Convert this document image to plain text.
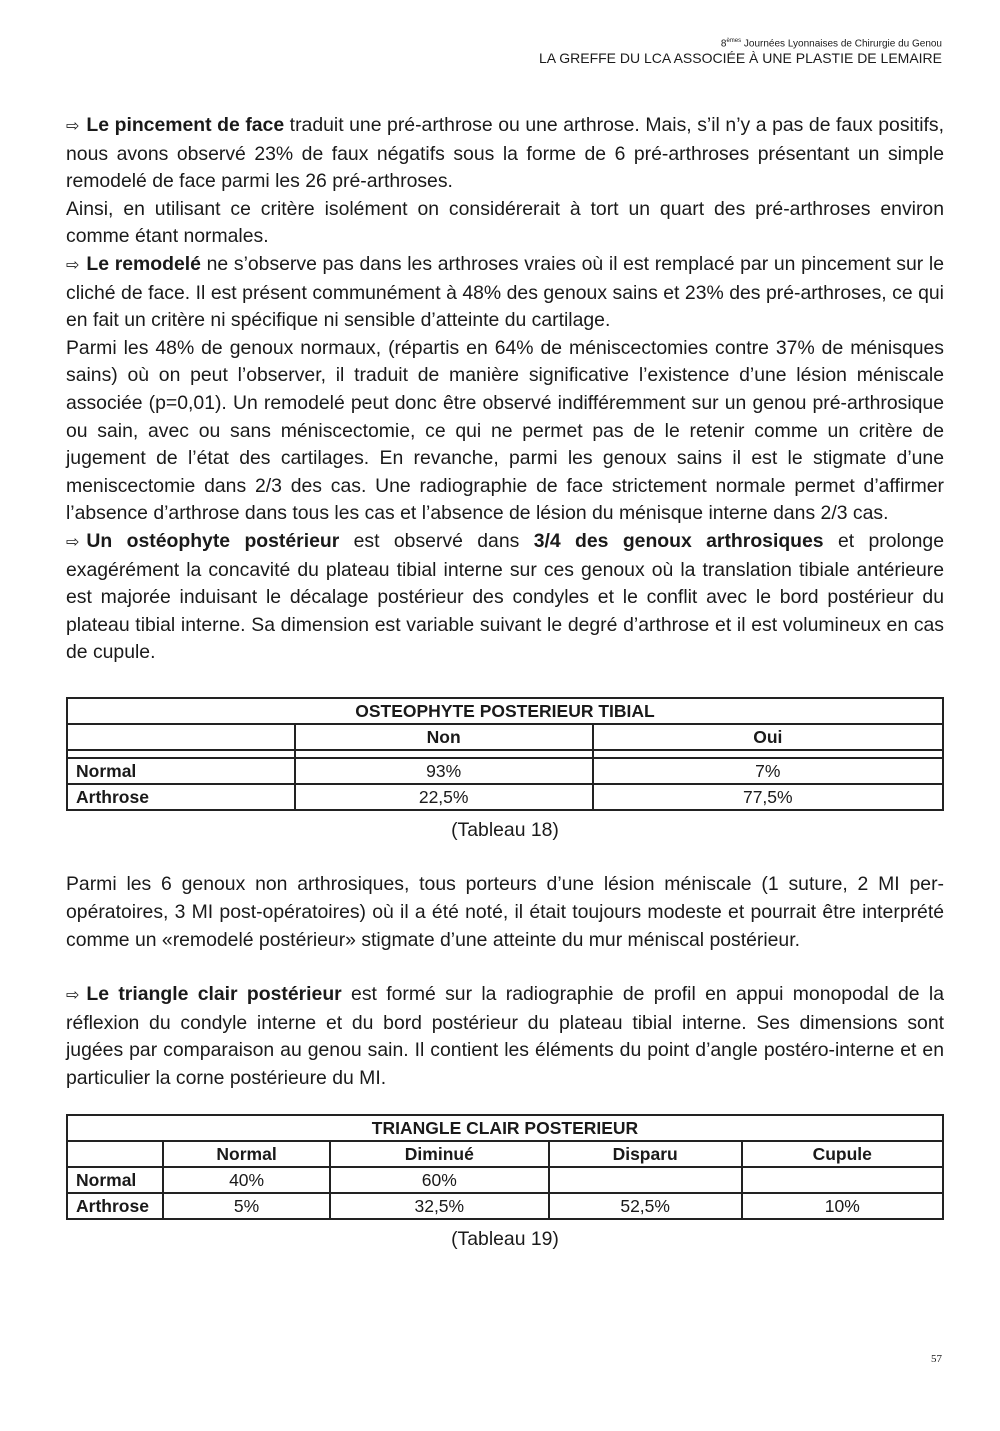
8èmes Journées Lyonnaises de Chirurgie du Genou
LA GREFFE DU LCA ASSOCIÉE À UNE PLASTIE DE LEMAIRE

⇨ Le pincement de face traduit une pré-arthrose ou une arthrose. Mais, s’il n’y a pas de faux positifs, nous avons observé 23% de faux négatifs sous la forme de 6 pré-arthroses présentant un simple remodelé de face parmi les 26 pré-arthroses.

Ainsi, en utilisant ce critère isolément on considérerait à tort un quart des pré-arthroses environ comme étant normales.

⇨ Le remodelé ne s’observe pas dans les arthroses vraies où il est remplacé par un pincement sur le cliché de face. Il est présent communément à 48% des genoux sains et 23% des pré-arthroses, ce qui en fait un critère ni spécifique ni sensible d’atteinte du cartilage.

Parmi les 48% de genoux normaux, (répartis en 64% de méniscectomies contre 37% de ménisques sains) où on peut l’observer, il traduit de manière significative l’existence d’une lésion méniscale associée (p=0,01). Un remodelé peut donc être observé indifféremment sur un genou pré-arthrosique ou sain, avec ou sans méniscectomie, ce qui ne permet pas de le retenir comme un critère de jugement de l’état des cartilages. En revanche, parmi les genoux sains il est le stigmate d’une meniscectomie dans 2/3 des cas. Une radiographie de face strictement normale permet d’affirmer l’absence d’arthrose dans tous les cas et l’absence de lésion du ménisque interne dans 2/3 cas.

⇨ Un ostéophyte postérieur est observé dans 3/4 des genoux arthrosiques et prolonge exagérément la concavité du plateau tibial interne sur ces genoux où la translation tibiale antérieure est majorée induisant le décalage postérieur des condyles et le conflit avec le bord postérieur du plateau tibial interne. Sa dimension est variable suivant le degré d’arthrose et il est volumineux en cas de cupule.

OSTEOPHYTE POSTERIEUR TIBIAL		
	Non	Oui

Normal	93%	7%
Arthrose	22,5%	77,5%
(Tableau 18)

Parmi les 6 genoux non arthrosiques, tous porteurs d’une lésion méniscale (1 suture, 2 MI per-opératoires, 3 MI post-opératoires) où il a été noté, il était toujours modeste et pourrait être interprété comme un «remodelé postérieur» stigmate d’une atteinte du mur méniscal postérieur.

⇨ Le triangle clair postérieur est formé sur la radiographie de profil en appui monopodal de la réflexion du condyle interne et du bord postérieur du plateau tibial interne. Ses dimensions sont jugées par comparaison au genou sain. Il contient les éléments du point d’angle postéro-interne et en particulier la corne postérieure du MI.

TRIANGLE CLAIR POSTERIEUR				
	Normal	Diminué	Disparu	Cupule
Normal	40%	60%		
Arthrose	5%	32,5%	52,5%	10%
(Tableau 19)
57
